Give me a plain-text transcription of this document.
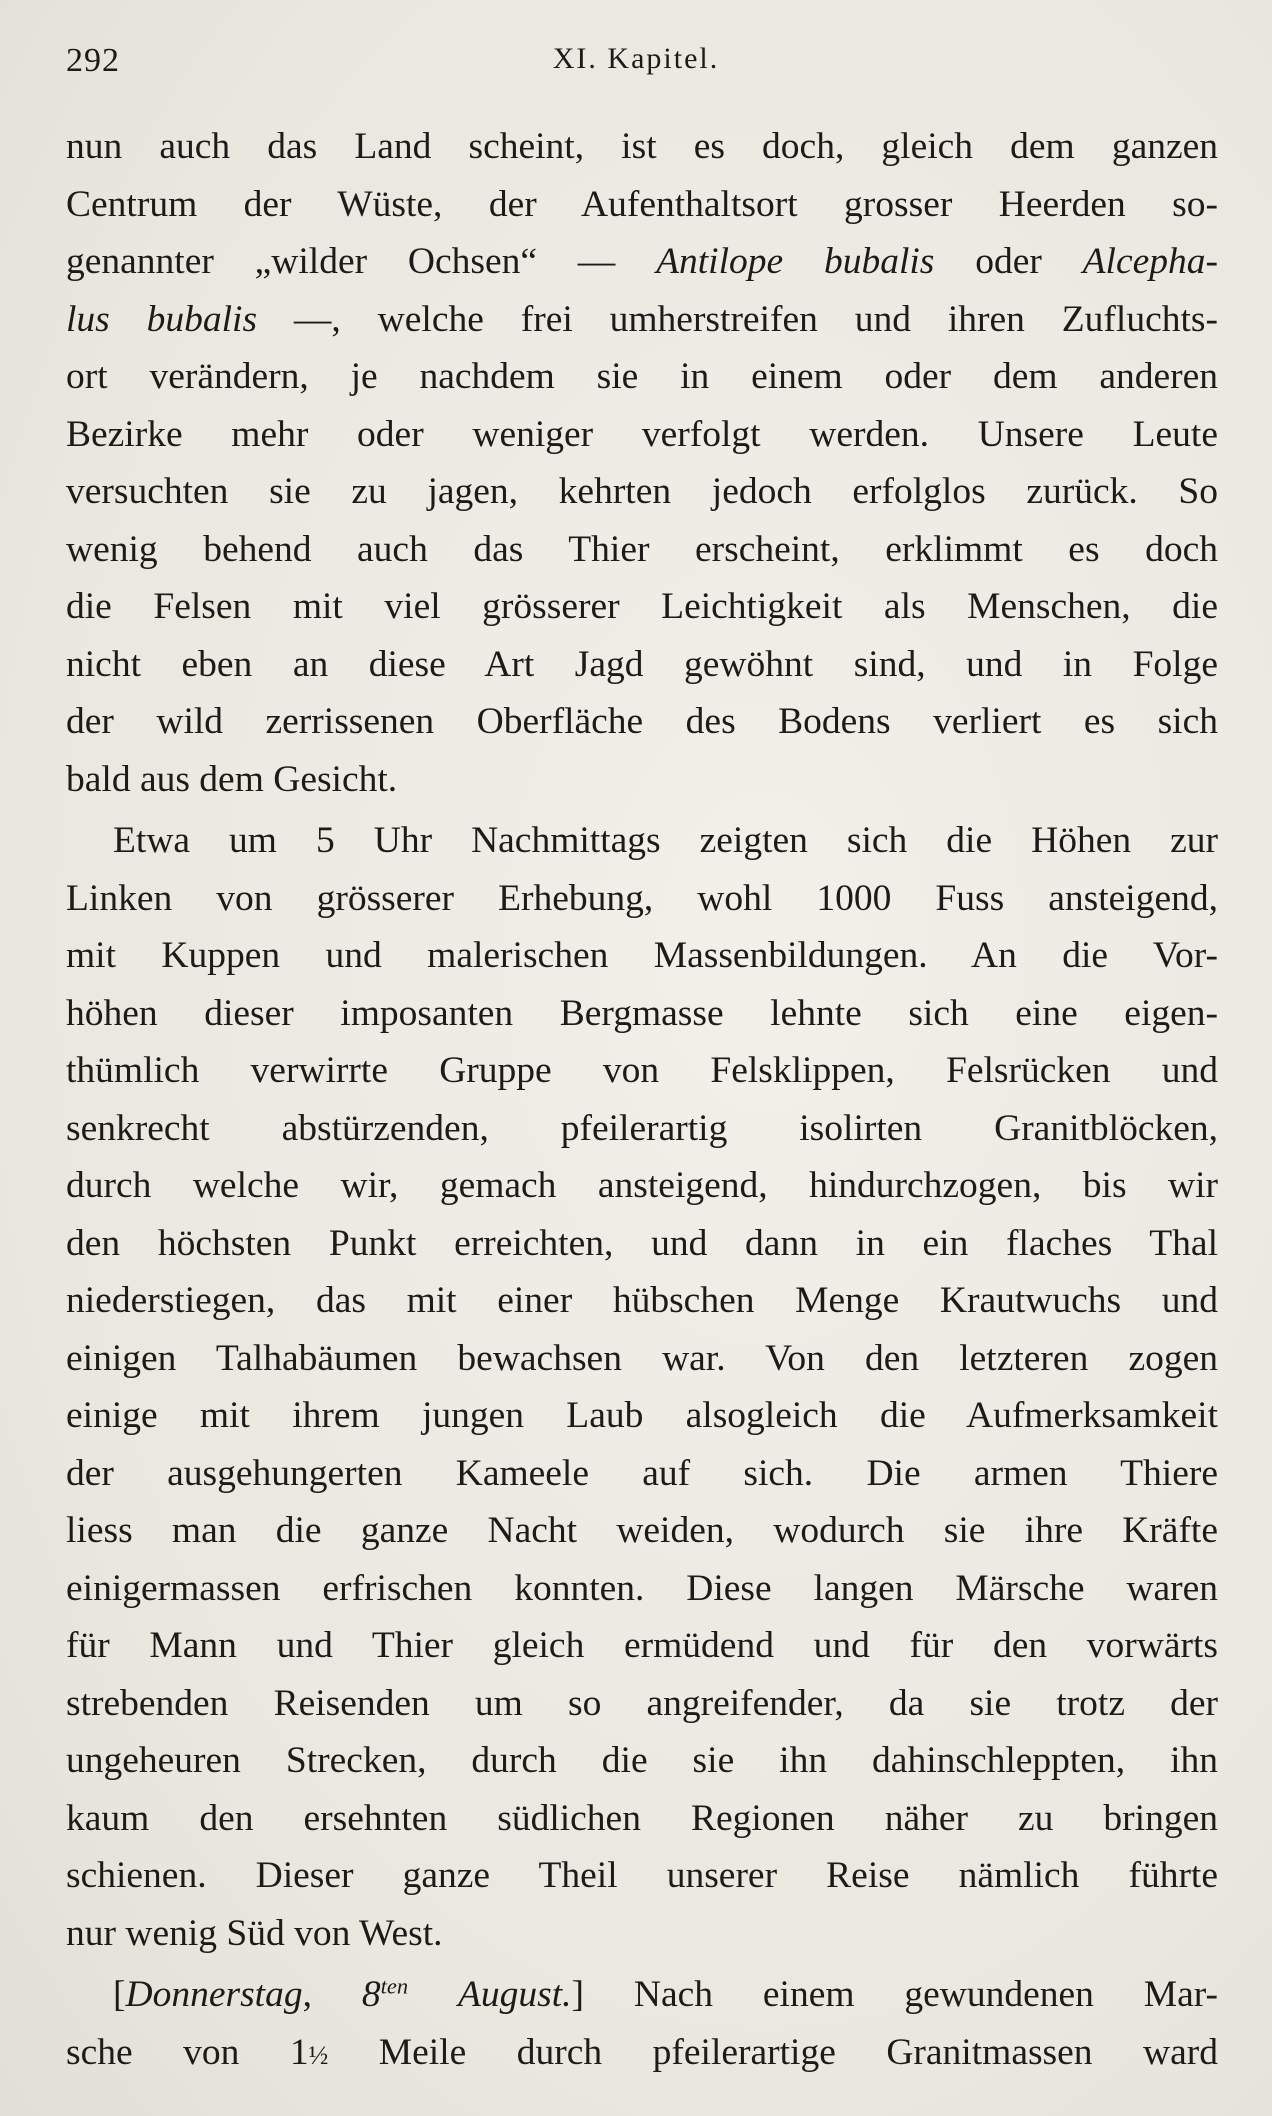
292	XI. Kapitel.
nun auch das Land scheint, ist es doch, gleich dem ganzen
Centrum der Wüste, der Aufenthaltsort grosser Heerden so-
genannter „wilder Ochsen“ — Antilope bubalis oder Alcepha-
lus bubalis —, welche frei umherstreifen und ihren Zufluchts-
ort verändern, je nachdem sie in einem oder dem anderen
Bezirke mehr oder weniger verfolgt werden. Unsere Leute
versuchten sie zu jagen, kehrten jedoch erfolglos zurück. So
wenig behend auch das Thier erscheint, erklimmt es doch
die Felsen mit viel grösserer Leichtigkeit als Menschen, die
nicht eben an diese Art Jagd gewöhnt sind, und in Folge
der wild zerrissenen Oberfläche des Bodens verliert es sich
bald aus dem Gesicht.
Etwa um 5 Uhr Nachmittags zeigten sich die Höhen zur
Linken von grösserer Erhebung, wohl 1000 Fuss ansteigend,
mit Kuppen und malerischen Massenbildungen. An die Vor-
höhen dieser imposanten Bergmasse lehnte sich eine eigen-
thümlich verwirrte Gruppe von Felsklippen, Felsrücken und
senkrecht abstürzenden, pfeilerartig isolirten Granitblöcken,
durch welche wir, gemach ansteigend, hindurchzogen, bis wir
den höchsten Punkt erreichten, und dann in ein flaches Thal
niederstiegen, das mit einer hübschen Menge Krautwuchs und
einigen Talhabäumen bewachsen war. Von den letzteren zogen
einige mit ihrem jungen Laub alsogleich die Aufmerksamkeit
der ausgehungerten Kameele auf sich. Die armen Thiere
liess man die ganze Nacht weiden, wodurch sie ihre Kräfte
einigermassen erfrischen konnten. Diese langen Märsche waren
für Mann und Thier gleich ermüdend und für den vorwärts
strebenden Reisenden um so angreifender, da sie trotz der
ungeheuren Strecken, durch die sie ihn dahinschleppten, ihn
kaum den ersehnten südlichen Regionen näher zu bringen
schienen. Dieser ganze Theil unserer Reise nämlich führte
nur wenig Süd von West.
[Donnerstag, $8^{ten}$ August.] Nach einem gewundenen Mar-
sche von 1½ Meile durch pfeilerartige Granitmassen ward
